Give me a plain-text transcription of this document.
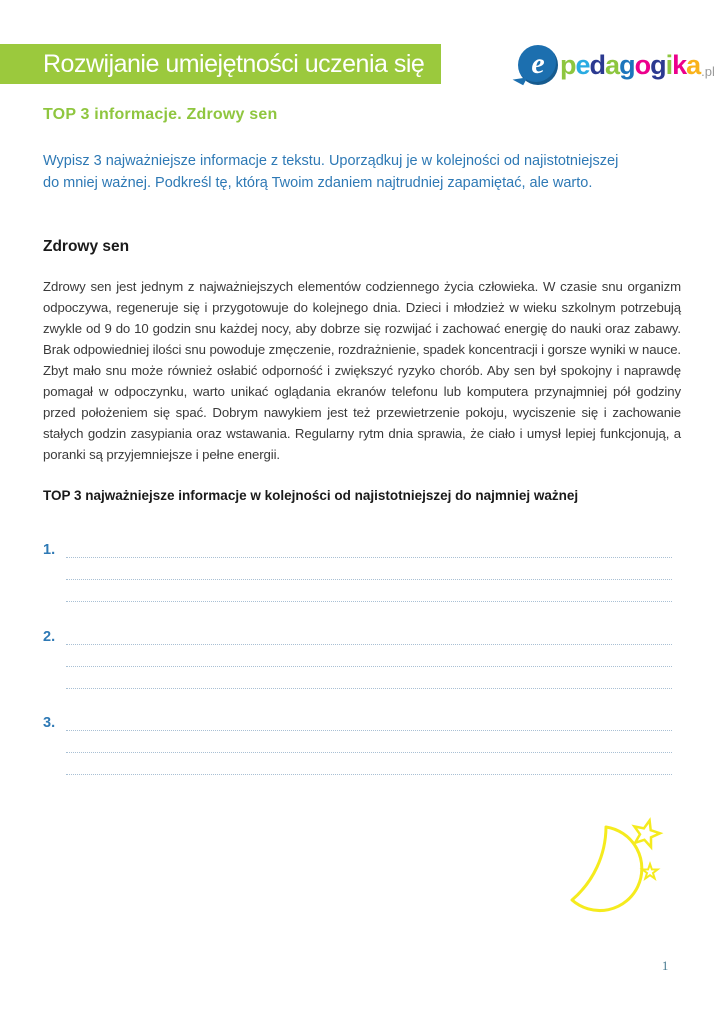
Rozwijanie umiejętności uczenia się	e pedagogika .pl
TOP 3 informacje. Zdrowy sen
Wypisz 3 najważniejsze informacje z tekstu. Uporządkuj je w kolejności od najistotniejszej do mniej ważnej. Podkreśl tę, którą Twoim zdaniem najtrudniej zapamiętać, ale warto.
Zdrowy sen
Zdrowy sen jest jednym z najważniejszych elementów codziennego życia człowieka. W czasie snu organizm odpoczywa, regeneruje się i przygotowuje do kolejnego dnia. Dzieci i młodzież w wieku szkolnym potrzebują zwykle od 9 do 10 godzin snu każdej nocy, aby dobrze się rozwijać i zachować energię do nauki oraz zabawy. Brak odpowiedniej ilości snu powoduje zmęczenie, rozdrażnienie, spadek koncentracji i gorsze wyniki w nauce. Zbyt mało snu może również osłabić odporność i zwiększyć ryzyko chorób. Aby sen był spokojny i naprawdę pomagał w odpoczynku, warto unikać oglądania ekranów telefonu lub komputera przynajmniej pół godziny przed położeniem się spać. Dobrym nawykiem jest też przewietrzenie pokoju, wyciszenie się i zachowanie stałych godzin zasypiania oraz wstawania. Regularny rytm dnia sprawia, że ciało i umysł lepiej funkcjonują, a poranki są przyjemniejsze i pełne energii.
TOP 3 najważniejsze informacje w kolejności od najistotniejszej do najmniej ważnej
1.
2.
3.
1
